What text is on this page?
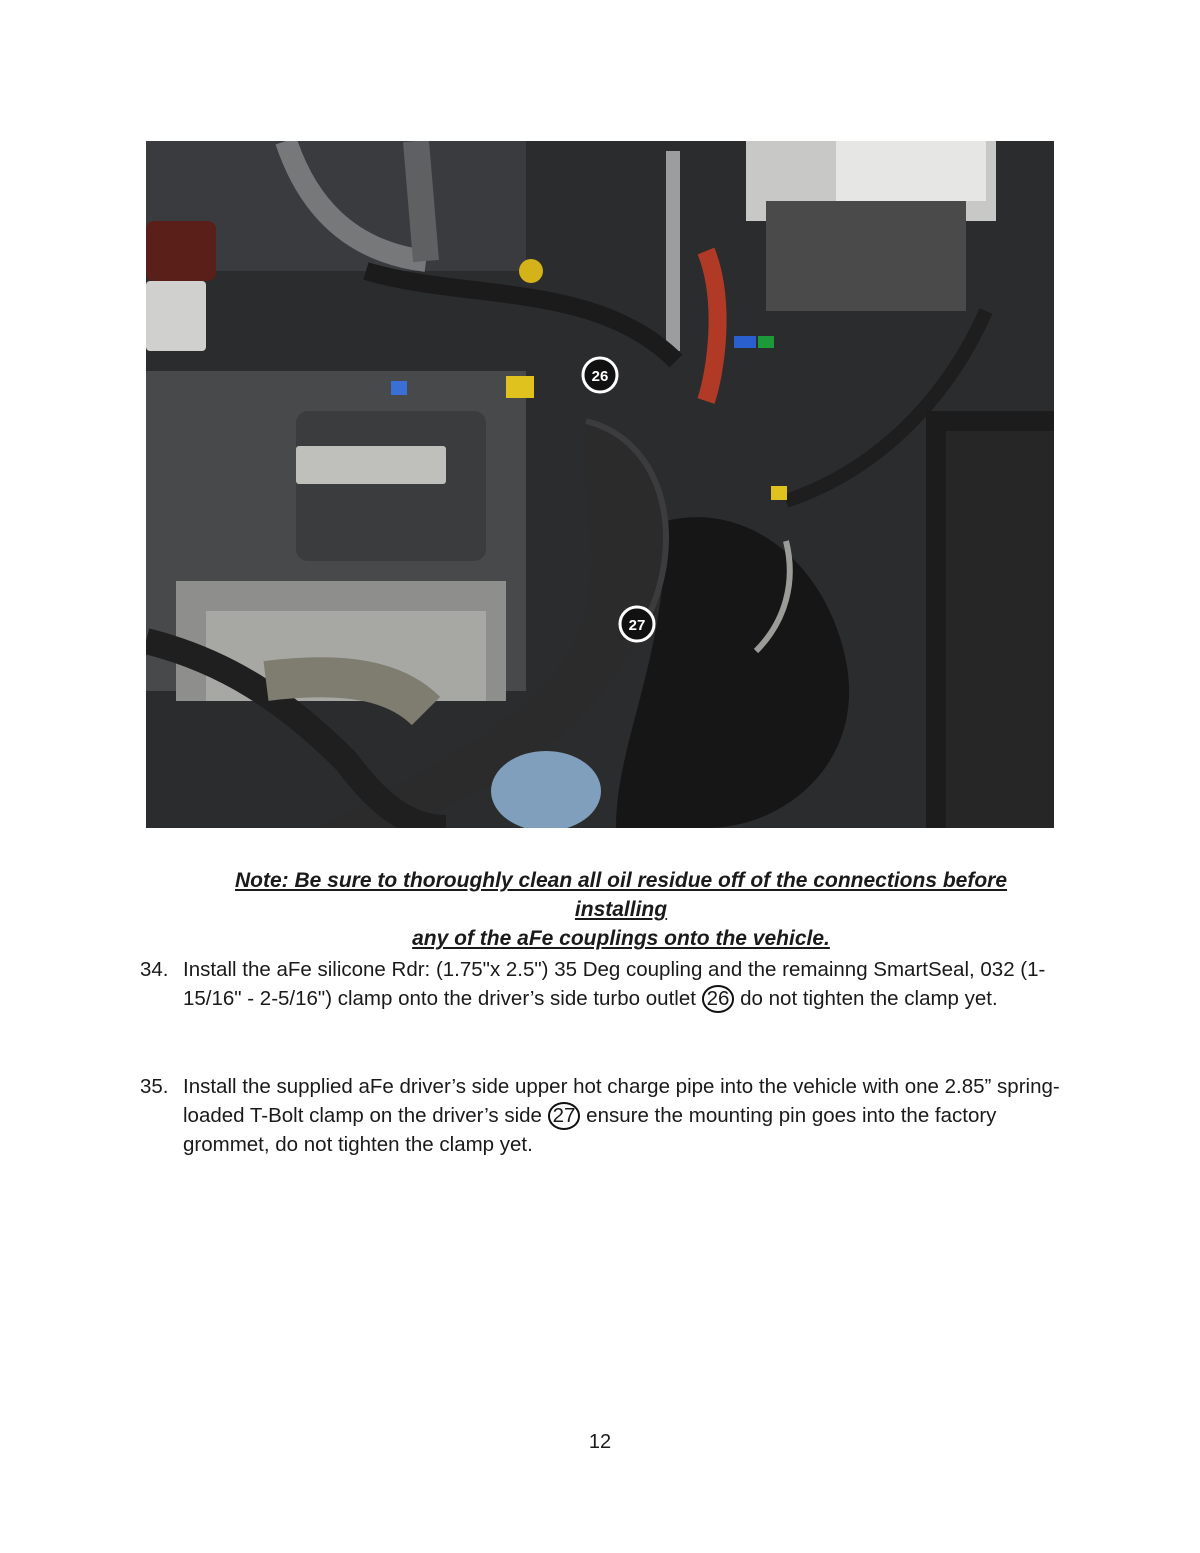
26
27
Note: Be sure to thoroughly clean all oil residue off of the connections before installing
any of the aFe couplings onto the vehicle.
34. Install the aFe silicone Rdr: (1.75"x 2.5") 35 Deg coupling and the remainng SmartSeal, 032 (1-15/16" - 2-5/16") clamp onto the driver’s side turbo outlet 26 do not tighten the clamp yet.
35. Install the supplied aFe driver’s side upper hot charge pipe into the vehicle with one 2.85” spring-loaded T-Bolt clamp on the driver’s side 27 ensure the mounting pin goes into the factory grommet, do not tighten the clamp yet.
12
